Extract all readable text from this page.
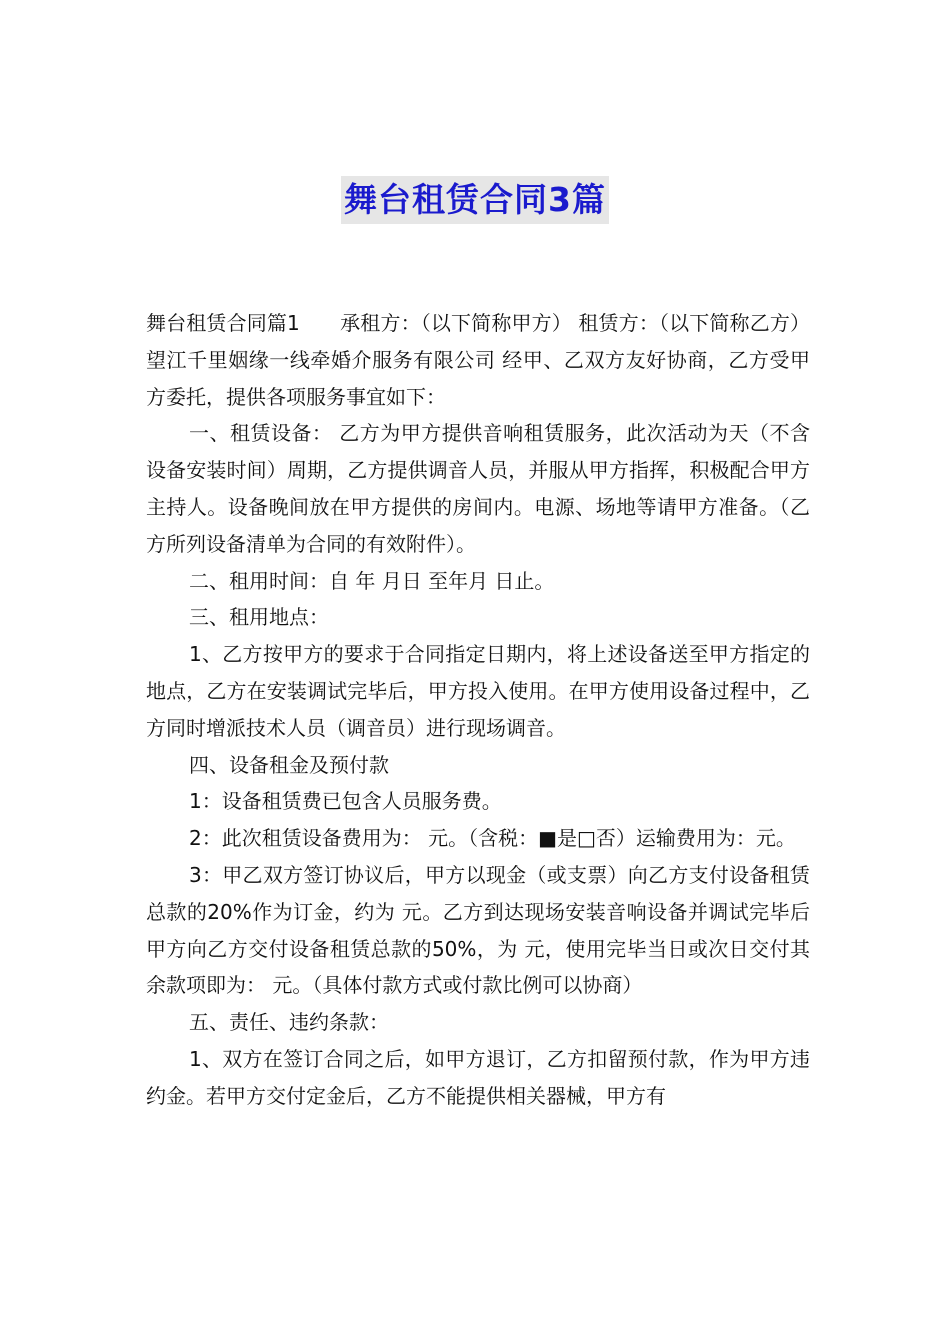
舞台租赁合同3篇

舞台租赁合同篇1　　承租方：（以下简称甲方） 租赁方：（以下简称乙方） 望江千里姻缘一线牵婚介服务有限公司 经甲、乙双方友好协商，乙方受甲方委托，提供各项服务事宜如下：

一、租赁设备： 乙方为甲方提供音响租赁服务，此次活动为天（不含设备安装时间）周期，乙方提供调音人员，并服从甲方指挥，积极配合甲方主持人。设备晚间放在甲方提供的房间内。电源、场地等请甲方准备。（乙方所列设备清单为合同的有效附件）。

二、租用时间：自 年 月日 至年月 日止。

三、租用地点：

1、乙方按甲方的要求于合同指定日期内，将上述设备送至甲方指定的地点，乙方在安装调试完毕后，甲方投入使用。在甲方使用设备过程中，乙方同时增派技术人员（调音员）进行现场调音。

四、设备租金及预付款

1：设备租赁费已包含人员服务费。

2：此次租赁设备费用为： 元。（含税：■是□否）运输费用为：元。

3：甲乙双方签订协议后，甲方以现金（或支票）向乙方支付设备租赁总款的20%作为订金，约为 元。乙方到达现场安装音响设备并调试完毕后甲方向乙方交付设备租赁总款的50%，为 元，使用完毕当日或次日交付其余款项即为： 元。（具体付款方式或付款比例可以协商）

五、责任、违约条款：

1、双方在签订合同之后，如甲方退订，乙方扣留预付款，作为甲方违约金。若甲方交付定金后，乙方不能提供相关器械，甲方有
